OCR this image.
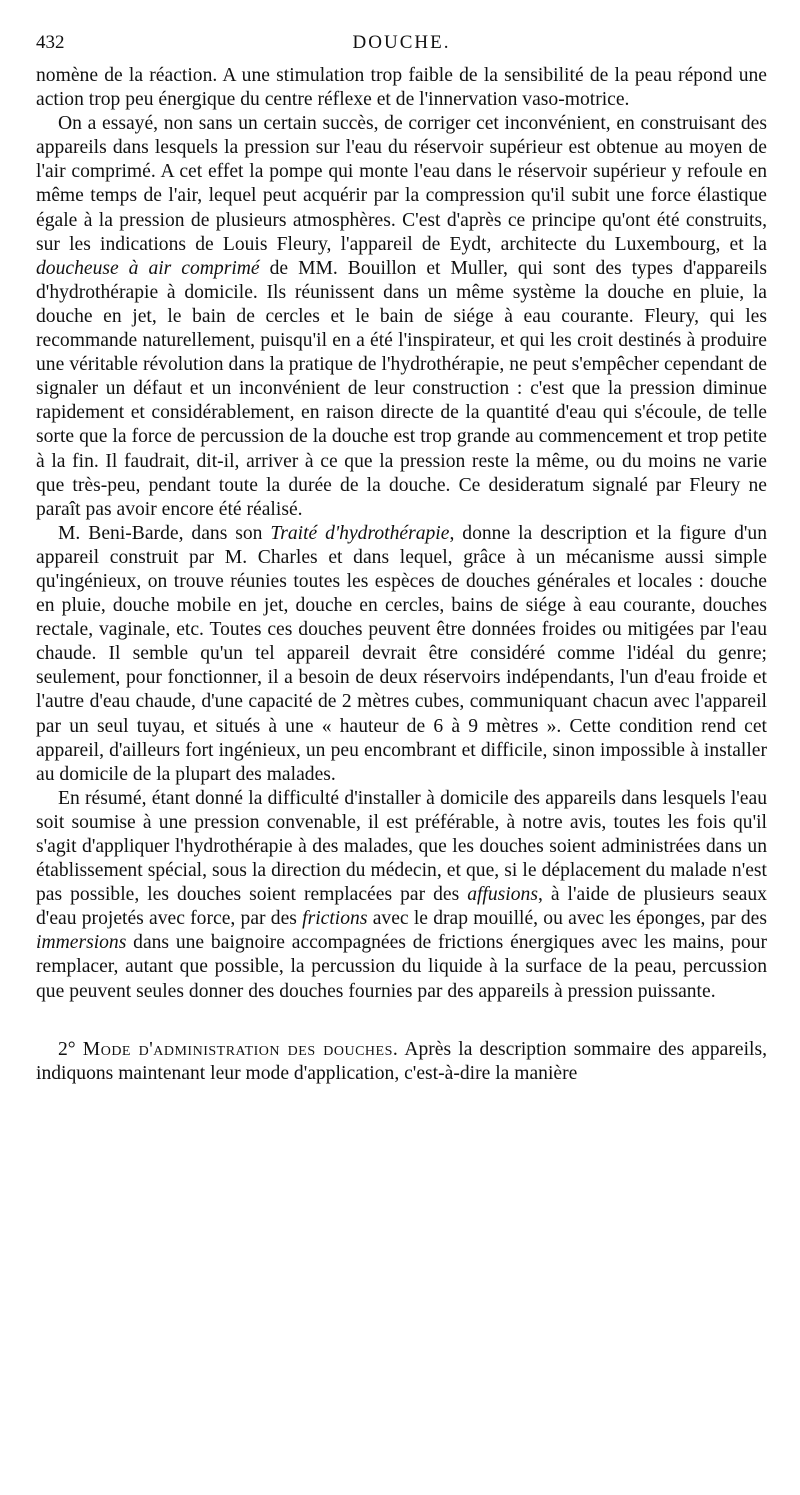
432	DOUCHE.

nomène de la réaction. A une stimulation trop faible de la sensibilité de la peau répond une action trop peu énergique du centre réflexe et de l'innervation vaso-motrice.

On a essayé, non sans un certain succès, de corriger cet inconvénient, en construisant des appareils dans lesquels la pression sur l'eau du réservoir supérieur est obtenue au moyen de l'air comprimé. A cet effet la pompe qui monte l'eau dans le réservoir supérieur y refoule en même temps de l'air, lequel peut acquérir par la compression qu'il subit une force élastique égale à la pression de plusieurs atmosphères. C'est d'après ce principe qu'ont été construits, sur les indications de Louis Fleury, l'appareil de Eydt, architecte du Luxembourg, et la doucheuse à air comprimé de MM. Bouillon et Muller, qui sont des types d'appareils d'hydrothérapie à domicile. Ils réunissent dans un même système la douche en pluie, la douche en jet, le bain de cercles et le bain de siége à eau courante. Fleury, qui les recommande naturellement, puisqu'il en a été l'inspirateur, et qui les croit destinés à produire une véritable révolution dans la pratique de l'hydrothérapie, ne peut s'empêcher cependant de signaler un défaut et un inconvénient de leur construction : c'est que la pression diminue rapidement et considérablement, en raison directe de la quantité d'eau qui s'écoule, de telle sorte que la force de percussion de la douche est trop grande au commencement et trop petite à la fin. Il faudrait, dit-il, arriver à ce que la pression reste la même, ou du moins ne varie que très-peu, pendant toute la durée de la douche. Ce desideratum signalé par Fleury ne paraît pas avoir encore été réalisé.

M. Beni-Barde, dans son Traité d'hydrothérapie, donne la description et la figure d'un appareil construit par M. Charles et dans lequel, grâce à un mécanisme aussi simple qu'ingénieux, on trouve réunies toutes les espèces de douches générales et locales : douche en pluie, douche mobile en jet, douche en cercles, bains de siége à eau courante, douches rectale, vaginale, etc. Toutes ces douches peuvent être données froides ou mitigées par l'eau chaude. Il semble qu'un tel appareil devrait être considéré comme l'idéal du genre; seulement, pour fonctionner, il a besoin de deux réservoirs indépendants, l'un d'eau froide et l'autre d'eau chaude, d'une capacité de 2 mètres cubes, communiquant chacun avec l'appareil par un seul tuyau, et situés à une « hauteur de 6 à 9 mètres ». Cette condition rend cet appareil, d'ailleurs fort ingénieux, un peu encombrant et difficile, sinon impossible à installer au domicile de la plupart des malades.

En résumé, étant donné la difficulté d'installer à domicile des appareils dans lesquels l'eau soit soumise à une pression convenable, il est préférable, à notre avis, toutes les fois qu'il s'agit d'appliquer l'hydrothérapie à des malades, que les douches soient administrées dans un établissement spécial, sous la direction du médecin, et que, si le déplacement du malade n'est pas possible, les douches soient remplacées par des affusions, à l'aide de plusieurs seaux d'eau projetés avec force, par des frictions avec le drap mouillé, ou avec les éponges, par des immersions dans une baignoire accompagnées de frictions énergiques avec les mains, pour remplacer, autant que possible, la percussion du liquide à la surface de la peau, percussion que peuvent seules donner des douches fournies par des appareils à pression puissante.

2° Mode d'administration des douches. Après la description sommaire des appareils, indiquons maintenant leur mode d'application, c'est-à-dire la manière
